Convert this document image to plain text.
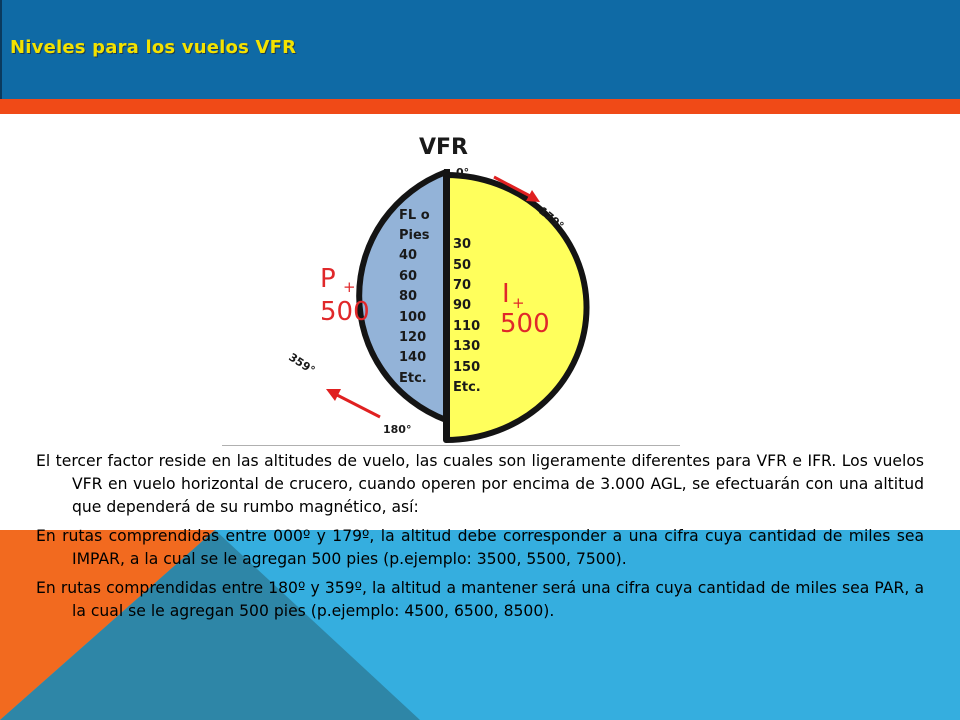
Niveles para los vuelos VFR
VFR
0°
179°
180°
359°
FL o
Pies
40
60
80
100
120
140
Etc.
30
50
70
90
110
130
150
Etc.
P +
500
I +
500

El tercer factor reside en las altitudes de vuelo, las cuales son ligeramente diferentes para VFR e IFR. Los vuelos VFR en vuelo horizontal de crucero, cuando operen por encima de 3.000 AGL, se efectuarán con una altitud que dependerá de su rumbo magnético, así:

En rutas comprendidas entre 000º y 179º, la altitud debe corresponder a una cifra cuya cantidad de miles sea IMPAR, a la cual se le agregan 500 pies (p.ejemplo: 3500, 5500, 7500).

En rutas comprendidas entre 180º y 359º, la altitud a mantener será una cifra cuya cantidad de miles sea PAR, a la cual se le agregan 500 pies (p.ejemplo: 4500, 6500, 8500).
